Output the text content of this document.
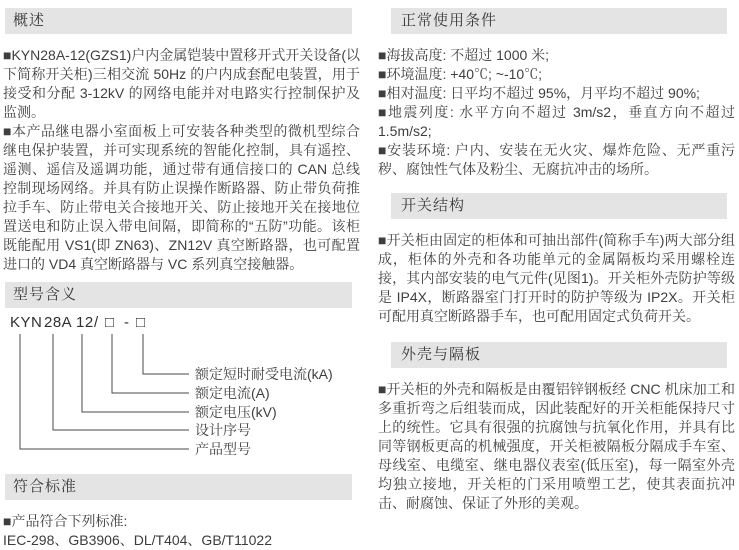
概述

■KYN28A-12(GZS1)户内金属铠装中置移开式开关设备(以下简称开关柜)三相交流 50Hz 的户内成套配电装置，用于接受和分配 3-12kV 的网络电能并对电路实行控制保护及监测。

■本产品继电器小室面板上可安装各种类型的微机型综合继电保护装置，并可实现系统的智能化控制，具有遥控、遥测、遥信及遥调功能，通过带有通信接口的 CAN 总线控制现场网络。并具有防止误操作断路器、防止带负荷推拉手车、防止带电关合接地开关、防止接地开关在接地位置送电和防止误入带电间隔，即简称的“五防”功能。该柜既能配用 VS1(即 ZN63)、ZN12V 真空断路器，也可配置进口的 VD4 真空断路器与 VC 系列真空接触器。

型号含义
KYN 28A 12 / □ - □
额定短时耐受电流(kA)
额定电流(A)
额定电压(kV)
设计序号
产品型号
符合标准
■产品符合下列标准:
IEC-298、GB3906、DL/T404、GB/T11022
正常使用条件
■海拔高度: 不超过 1000 米;
■环境温度: +40℃; ~-10℃;
■相对温度: 日平均不超过 95%，月平均不超过 90%;
■地震列度: 水平方向不超过 3m/s2，垂直方向不超过 1.5m/s2;
■安装环境: 户内、安装在无火灾、爆炸危险、无严重污秽、腐蚀性气体及粉尘、无腐抗冲击的场所。
开关结构

■开关柜由固定的柜体和可抽出部件(简称手车)两大部分组成，柜体的外壳和各功能单元的金属隔板均采用螺栓连接，其内部安装的电气元件(见图1)。开关柜外壳防护等级是 IP4X，断路器室门打开时的防护等级为 IP2X。开关柜可配用真空断路器手车，也可配用固定式负荷开关。

外壳与隔板

■开关柜的外壳和隔板是由覆铝锌钢板经 CNC 机床加工和多重折弯之后组装而成，因此装配好的开关柜能保持尺寸上的统性。它具有很强的抗腐蚀与抗氧化作用，并具有比同等钢板更高的机械强度，开关柜被隔板分隔成手车室、母线室、电缆室、继电器仪表室(低压室)，每一隔室外壳均独立接地，开关柜的门采用喷塑工艺，使其表面抗冲击、耐腐蚀、保证了外形的美观。
